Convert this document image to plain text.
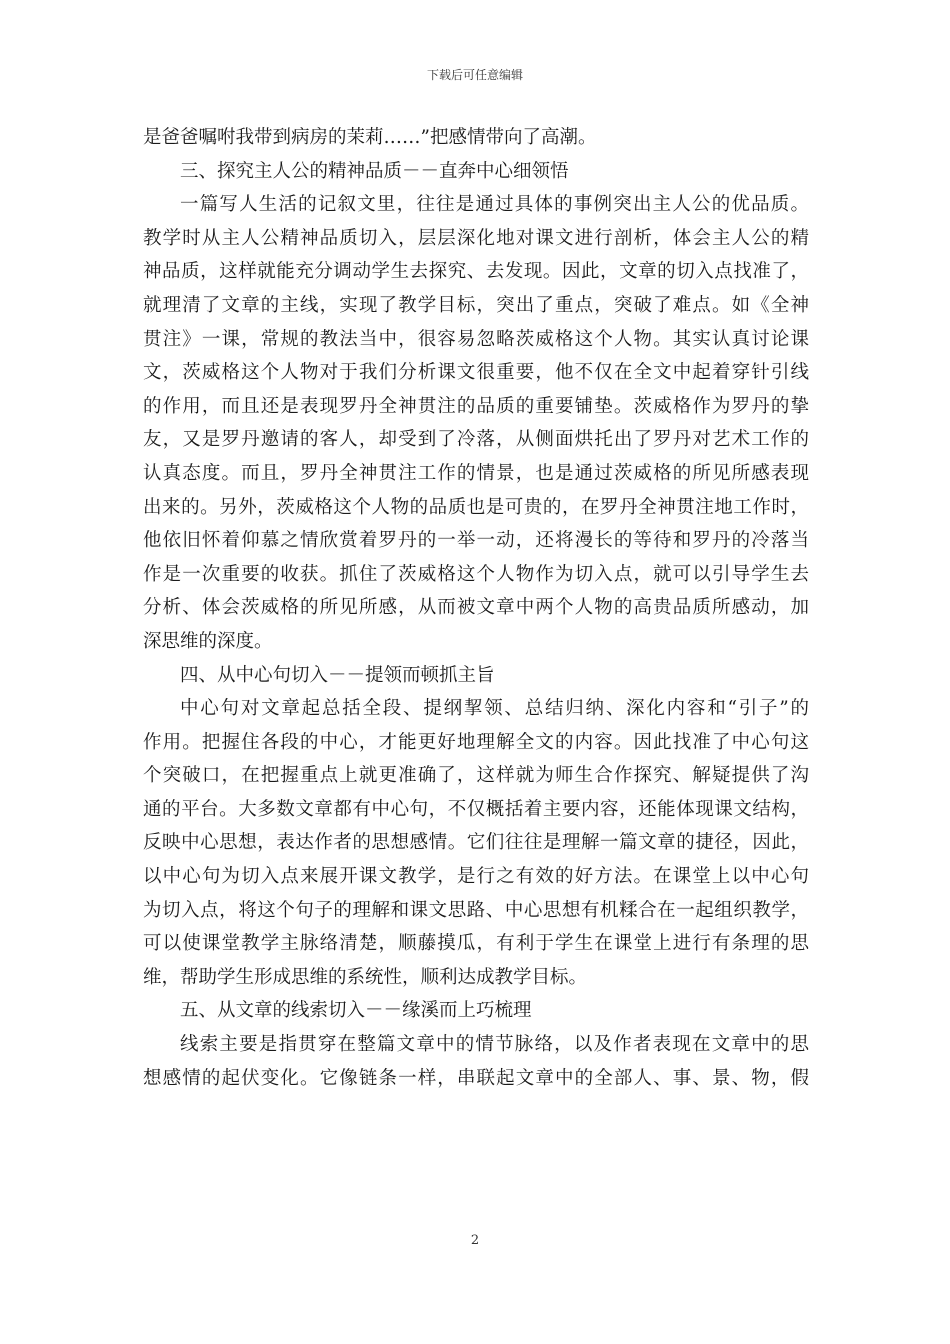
下载后可任意编辑
是爸爸嘱咐我带到病房的茉莉……”把感情带向了高潮。
三、探究主人公的精神品质－－直奔中心细领悟
一篇写人生活的记叙文里，往往是通过具体的事例突出主人公的优品质。
教学时从主人公精神品质切入，层层深化地对课文进行剖析，体会主人公的精
神品质，这样就能充分调动学生去探究、去发现。因此，文章的切入点找准了，
就理清了文章的主线，实现了教学目标，突出了重点，突破了难点。如《全神
贯注》一课，常规的教法当中，很容易忽略茨威格这个人物。其实认真讨论课
文，茨威格这个人物对于我们分析课文很重要，他不仅在全文中起着穿针引线
的作用，而且还是表现罗丹全神贯注的品质的重要铺垫。茨威格作为罗丹的挚
友，又是罗丹邀请的客人，却受到了冷落，从侧面烘托出了罗丹对艺术工作的
认真态度。而且，罗丹全神贯注工作的情景，也是通过茨威格的所见所感表现
出来的。另外，茨威格这个人物的品质也是可贵的，在罗丹全神贯注地工作时，
他依旧怀着仰慕之情欣赏着罗丹的一举一动，还将漫长的等待和罗丹的冷落当
作是一次重要的收获。抓住了茨威格这个人物作为切入点，就可以引导学生去
分析、体会茨威格的所见所感，从而被文章中两个人物的高贵品质所感动，加
深思维的深度。
四、从中心句切入－－提领而顿抓主旨
中心句对文章起总括全段、提纲挈领、总结归纳、深化内容和“引子”的
作用。把握住各段的中心，才能更好地理解全文的内容。因此找准了中心句这
个突破口，在把握重点上就更准确了，这样就为师生合作探究、解疑提供了沟
通的平台。大多数文章都有中心句，不仅概括着主要内容，还能体现课文结构，
反映中心思想，表达作者的思想感情。它们往往是理解一篇文章的捷径，因此，
以中心句为切入点来展开课文教学，是行之有效的好方法。在课堂上以中心句
为切入点，将这个句子的理解和课文思路、中心思想有机糅合在一起组织教学，
可以使课堂教学主脉络清楚，顺藤摸瓜，有利于学生在课堂上进行有条理的思
维，帮助学生形成思维的系统性，顺利达成教学目标。
五、从文章的线索切入－－缘溪而上巧梳理
线索主要是指贯穿在整篇文章中的情节脉络，以及作者表现在文章中的思
想感情的起伏变化。它像链条一样，串联起文章中的全部人、事、景、物，假
2
